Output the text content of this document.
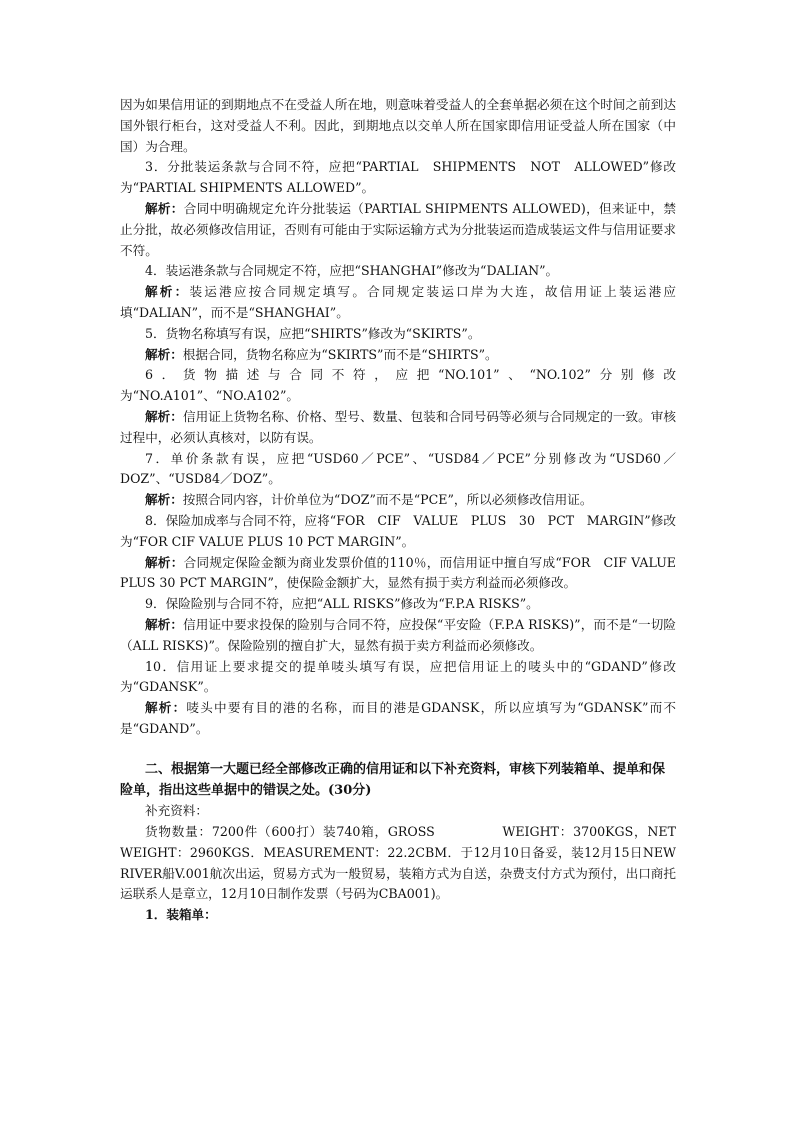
因为如果信用证的到期地点不在受益人所在地，则意味着受益人的全套单据必须在这个时间之前到达国外银行柜台，这对受益人不利。因此，到期地点以交单人所在国家即信用证受益人所在国家（中国）为合理。

3．分批装运条款与合同不符，应把“PARTIAL　SHIPMENTS　NOT　ALLOWED”修改为“PARTIAL SHIPMENTS ALLOWED”。

解析：合同中明确规定允许分批装运（PARTIAL SHIPMENTS ALLOWED)，但来证中，禁止分批，故必须修改信用证，否则有可能由于实际运输方式为分批装运而造成装运文件与信用证要求不符。

4．装运港条款与合同规定不符，应把“SHANGHAI”修改为“DALIAN”。

解析：装运港应按合同规定填写。合同规定装运口岸为大连，故信用证上装运港应填“DALIAN”，而不是“SHANGHAI”。

5．货物名称填写有误，应把“SHIRTS”修改为“SKIRTS”。

解析：根据合同，货物名称应为“SKIRTS”而不是“SHIRTS”。

6．货物描述与合同不符，应把“NO.101”、“NO.102”分别修改为“NO.A101”、“NO.A102”。

解析：信用证上货物名称、价格、型号、数量、包装和合同号码等必须与合同规定的一致。审核过程中，必须认真核对，以防有误。

7．单价条款有误，应把“USD60／PCE”、“USD84／PCE”分别修改为“USD60／DOZ”、“USD84／DOZ”。

解析：按照合同内容，计价单位为“DOZ”而不是“PCE”，所以必须修改信用证。

8．保险加成率与合同不符，应将“FOR　CIF　VALUE　PLUS　30　PCT　MARGIN”修改为“FOR CIF VALUE PLUS 10 PCT MARGIN”。

解析：合同规定保险金额为商业发票价值的110％，而信用证中擅自写成“FOR　CIF VALUE PLUS 30 PCT MARGIN”，使保险金额扩大，显然有损于卖方利益而必须修改。

9．保险险别与合同不符，应把“ALL RISKS”修改为“F.P.A RISKS”。

解析：信用证中要求投保的险别与合同不符，应投保“平安险（F.P.A RISKS)”，而不是“一切险（ALL RISKS)”。保险险别的擅自扩大，显然有损于卖方利益而必须修改。

10．信用证上要求提交的提单唛头填写有误，应把信用证上的唛头中的“GDAND”修改为“GDANSK”。

解析：唛头中要有目的港的名称，而目的港是GDANSK，所以应填写为“GDANSK”而不是“GDAND”。

二、根据第一大题已经全部修改正确的信用证和以下补充资料，审核下列装箱单、提单和保险单，指出这些单据中的错误之处。(30分)

补充资料：

货物数量：7200件（600打）装740箱，GROSS　　　　　WEIGHT：3700KGS，NET WEIGHT：2960KGS．MEASUREMENT：22.2CBM．于12月10日备妥，装12月15日NEW RIVER船V.001航次出运，贸易方式为一般贸易，装箱方式为自送，杂费支付方式为预付，出口商托运联系人是章立，12月10日制作发票（号码为CBA001)。

1．装箱单：
